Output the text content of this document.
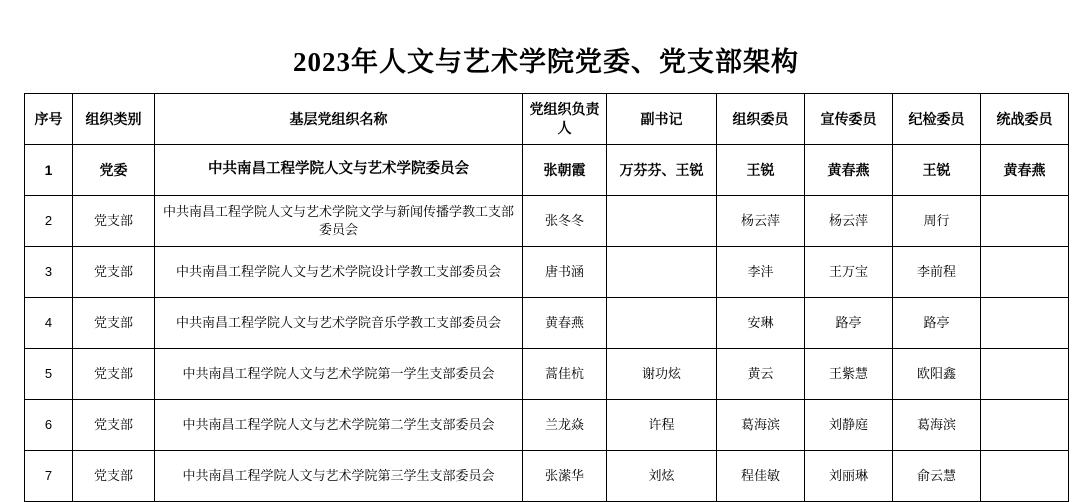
2023年人文与艺术学院党委、党支部架构
序号	组织类别	基层党组织名称	党组织负责人	副书记	组织委员	宣传委员	纪检委员	统战委员
1	党委	中共南昌工程学院人文与艺术学院委员会	张朝霞	万芬芬、王锐	王锐	黄春燕	王锐	黄春燕
2	党支部	中共南昌工程学院人文与艺术学院文学与新闻传播学教工支部委员会	张冬冬		杨云萍	杨云萍	周行	
3	党支部	中共南昌工程学院人文与艺术学院设计学教工支部委员会	唐书涵		李沣	王万宝	李前程	
4	党支部	中共南昌工程学院人文与艺术学院音乐学教工支部委员会	黄春燕		安琳	路亭	路亭	
5	党支部	中共南昌工程学院人文与艺术学院第一学生支部委员会	蒿佳杭	谢功炫	黄云	王紫慧	欧阳鑫	
6	党支部	中共南昌工程学院人文与艺术学院第二学生支部委员会	兰龙焱	许程	葛海滨	刘静庭	葛海滨	
7	党支部	中共南昌工程学院人文与艺术学院第三学生支部委员会	张潆华	刘炫	程佳敏	刘丽琳	俞云慧	
